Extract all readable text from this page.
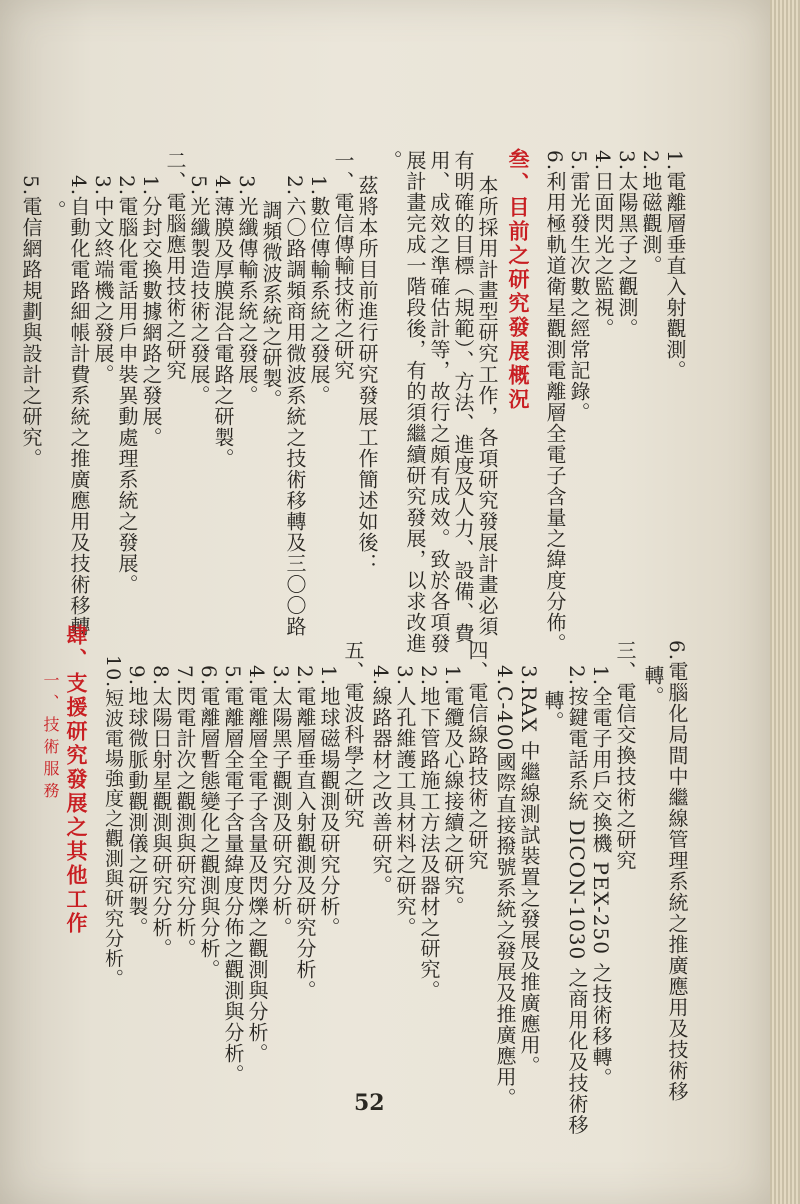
1.電離層垂直入射觀測。
2.地磁觀測。
3.太陽黑子之觀測。
4.日面閃光之監視。
5.雷光發生次數之經常記錄。
6.利用極軌道衛星觀測電離層全電子含量之緯度分佈。
叁、目前之研究發展概況
本所採用計畫型研究工作，各項研究發展計畫必須
有明確的目標（規範）、方法、進度及人力、設備、費
用、成效之準確估計等，故行之頗有成效。致於各項發
展計畫完成一階段後，有的須繼續研究發展，以求改進
。
茲將本所目前進行研究發展工作簡述如後：
一、電信傳輸技術之研究
1.數位傳輸系統之發展。
2.六〇路調頻商用微波系統之技術移轉及三〇〇路
調頻微波系統之研製。
3.光纖傳輸系統之發展。
4.薄膜及厚膜混合電路之研製。
5.光纖製造技術之發展。
二、電腦應用技術之研究
1.分封交換數據網路之發展。
2.電腦化電話用戶申裝異動處理系統之發展。
3.中文終端機之發展。
4.自動化電路細帳計費系統之推廣應用及技術移轉
。
5.電信網路規劃與設計之研究。
6.電腦化局間中繼線管理系統之推廣應用及技術移
轉。
三、電信交換技術之研究
1.全電子用戶交換機 PEX-250 之技術移轉。
2.按鍵電話系統 DICON-1030 之商用化及技術移
轉。
3.RAX 中繼線測試裝置之發展及推廣應用。
4.C-400國際直接撥號系統之發展及推廣應用。
四、電信線路技術之研究
1.電纜及心線接續之研究。
2.地下管路施工方法及器材之研究。
3.人孔維護工具材料之研究。
4.線路器材之改善研究。
五、電波科學之研究
1.地球磁場觀測及研究分析。
2.電離層垂直入射觀測及研究分析。
3.太陽黑子觀測及研究分析。
4.電離層全電子含量及閃爍之觀測與分析。
5.電離層全電子含量緯度分佈之觀測與分析。
6.電離層暫態變化之觀測與分析。
7.閃電計次之觀測與研究分析。
8.太陽日射星觀測與研究分析。
9.地球微脈動觀測儀之研製。
10.短波電場強度之觀測與研究分析。
肆、支援研究發展之其他工作
一、技術服務
52
